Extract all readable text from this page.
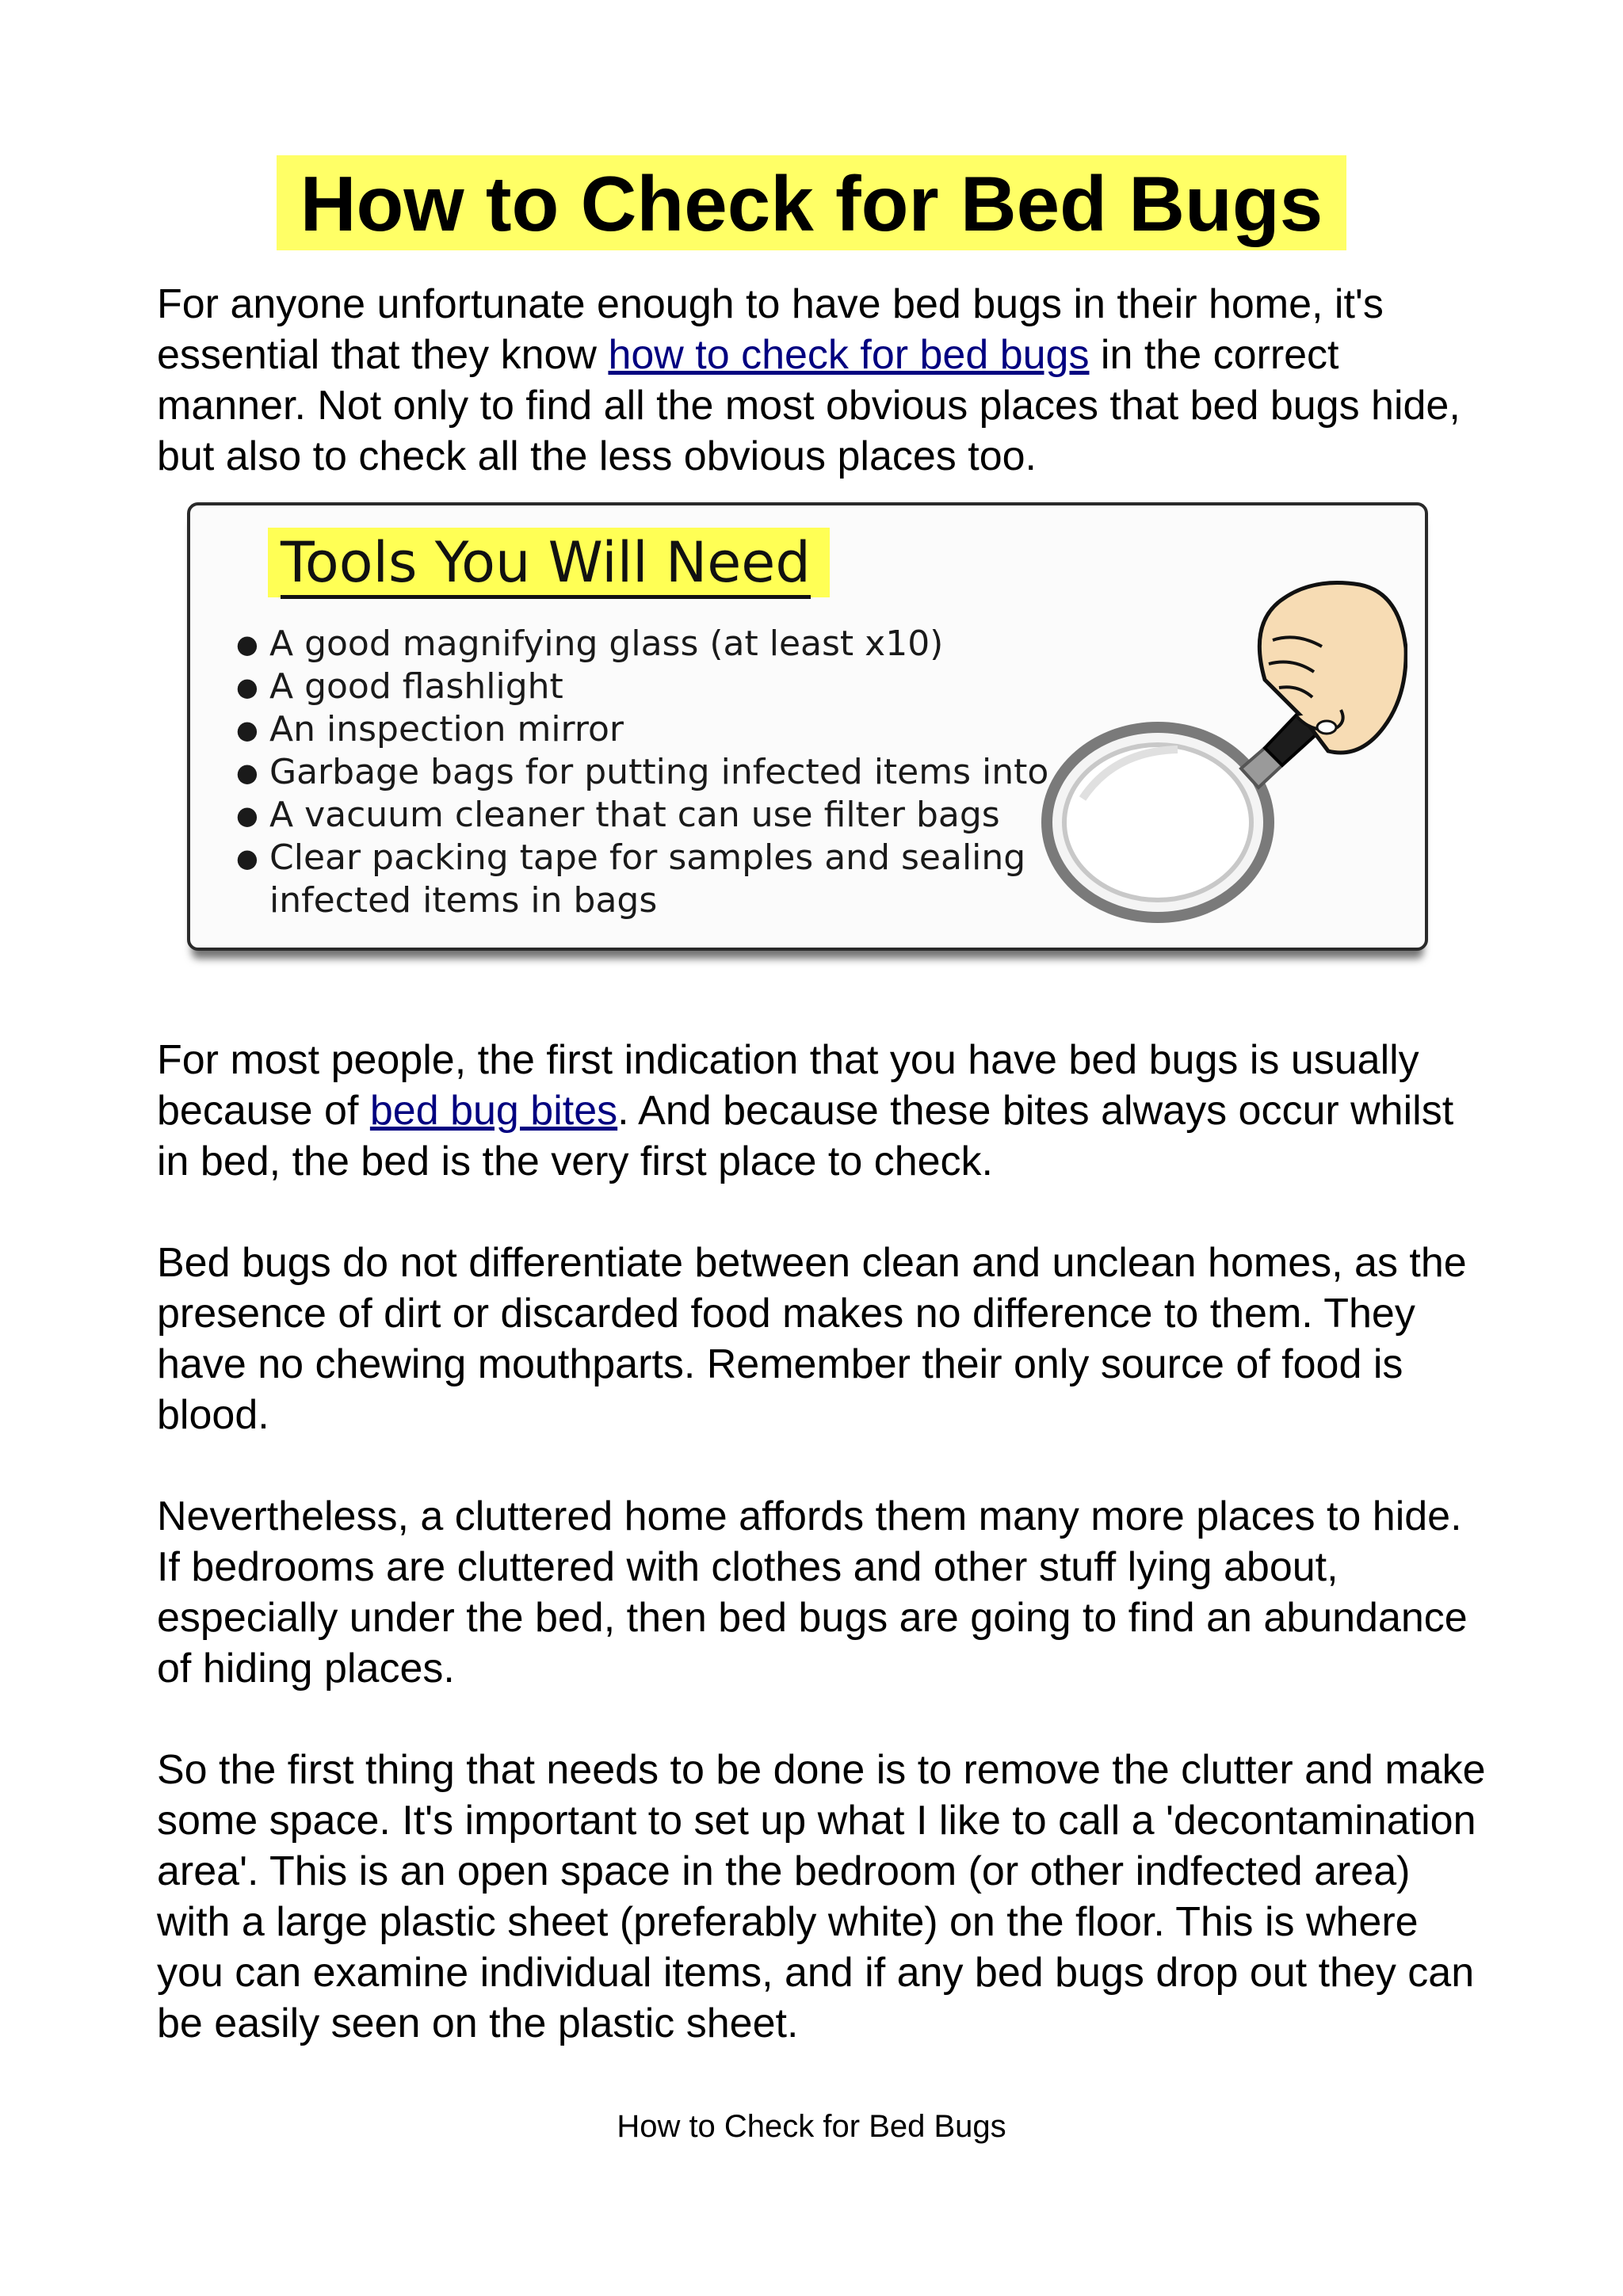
How to Check for Bed Bugs

For anyone unfortunate enough to have bed bugs in their home, it's essential that they know how to check for bed bugs in the correct manner. Not only to find all the most obvious places that bed bugs hide, but also to check all the less obvious places too.

Tools You Will Need
● A good magnifying glass (at least x10)
● A good flashlight
● An inspection mirror
● Garbage bags for putting infected items into
● A vacuum cleaner that can use filter bags
● Clear packing tape for samples and sealing infected items in bags

For most people, the first indication that you have bed bugs is usually because of bed bug bites. And because these bites always occur whilst in bed, the bed is the very first place to check.

Bed bugs do not differentiate between clean and unclean homes, as the presence of dirt or discarded food makes no difference to them. They have no chewing mouthparts. Remember their only source of food is blood.

Nevertheless, a cluttered home affords them many more places to hide. If bedrooms are cluttered with clothes and other stuff lying about, especially under the bed, then bed bugs are going to find an abundance of hiding places.

So the first thing that needs to be done is to remove the clutter and make some space. It's important to set up what I like to call a 'decontamination area'. This is an open space in the bedroom (or other indfected area) with a large plastic sheet (preferably white) on the floor. This is where you can examine individual items, and if any bed bugs drop out they can be easily seen on the plastic sheet.

How to Check for Bed Bugs
